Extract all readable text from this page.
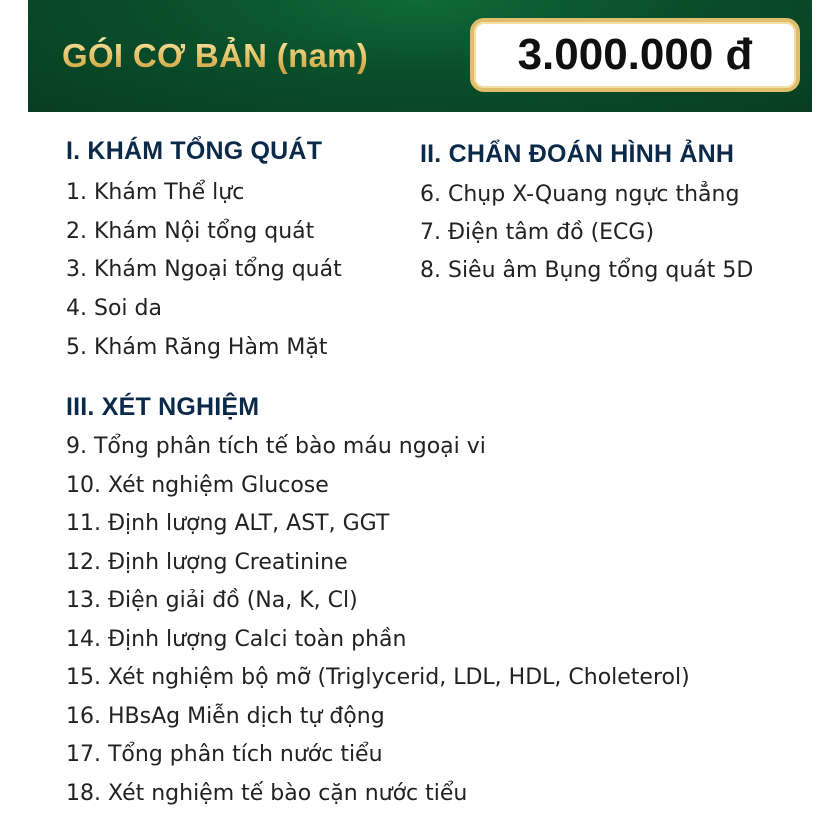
GÓI CƠ BẢN (nam)	3.000.000 đ
I. KHÁM TỔNG QUÁT
1. Khám Thể lực
2. Khám Nội tổng quát
3. Khám Ngoại tổng quát
4. Soi da
5. Khám Răng Hàm Mặt
II. CHẨN ĐOÁN HÌNH ẢNH
6. Chụp X-Quang ngực thẳng
7. Điện tâm đồ (ECG)
8. Siêu âm Bụng tổng quát 5D
III. XÉT NGHIỆM
9. Tổng phân tích tế bào máu ngoại vi
10. Xét nghiệm Glucose
11. Định lượng ALT, AST, GGT
12. Định lượng Creatinine
13. Điện giải đồ (Na, K, Cl)
14. Định lượng Calci toàn phần
15. Xét nghiệm bộ mỡ (Triglycerid, LDL, HDL, Choleterol)
16. HBsAg Miễn dịch tự động
17. Tổng phân tích nước tiểu
18. Xét nghiệm tế bào cặn nước tiểu
